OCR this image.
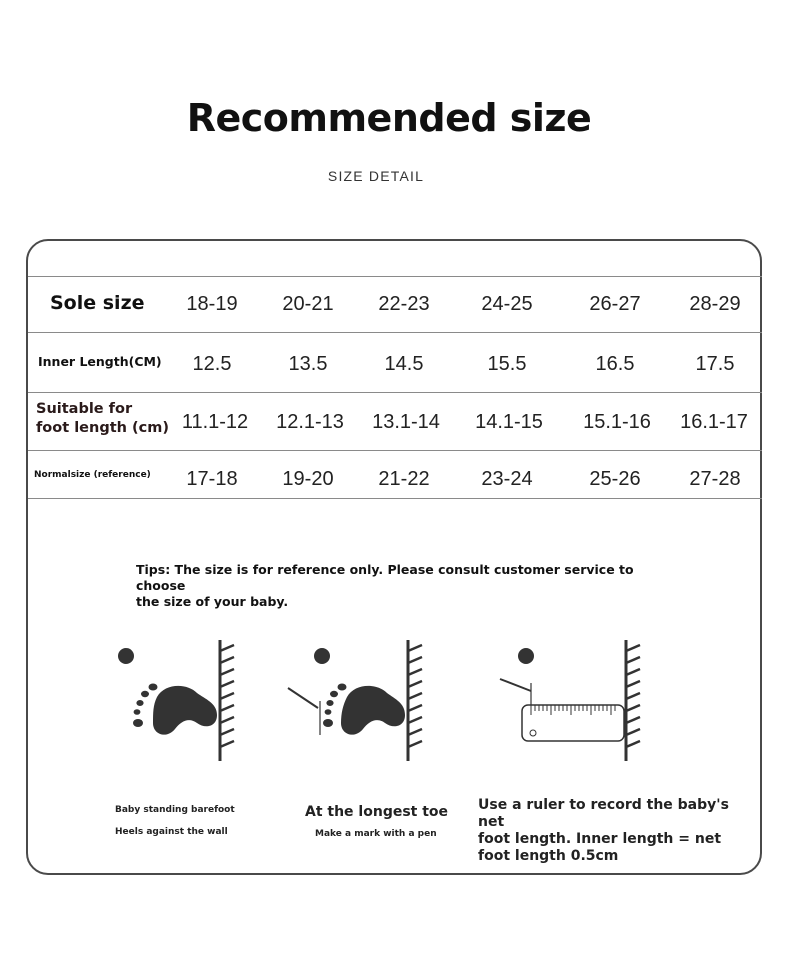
Recommended size
SIZE DETAIL
Sole size	18-19	20-21	22-23	24-25	26-27	28-29
Inner Length(CM)	12.5	13.5	14.5	15.5	16.5	17.5
Suitable for
foot length (cm) 11.1-12	12.1-13	13.1-14	14.1-15	15.1-16	16.1-17
Normalsize (reference)	17-18	19-20	21-22	23-24	25-26	27-28
Tips: The size is for reference only. Please consult customer service to choose
the size of your baby.
Baby standing barefoot
Heels against the wall
At the longest toe
Make a mark with a pen
Use a ruler to record the baby's net
foot length. Inner length = net
foot length 0.5cm
